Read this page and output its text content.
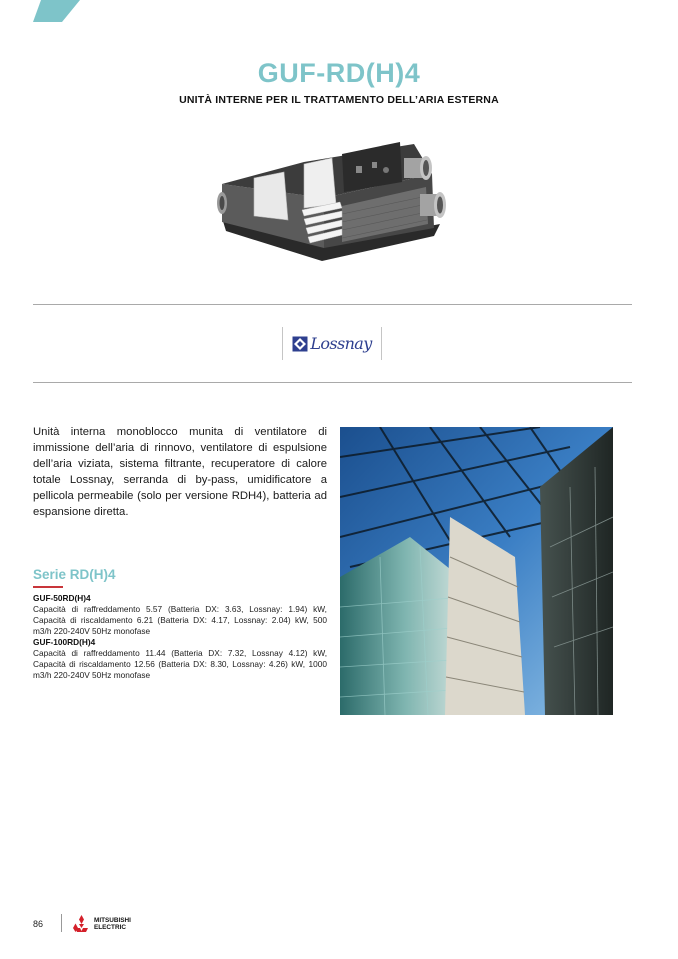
GUF-RD(H)4
UNITÀ INTERNE PER IL TRATTAMENTO DELL’ARIA ESTERNA
Lossnay
Unità interna monoblocco munita di ventilatore di immissione dell’aria di rinnovo, ventilatore di espulsione dell’aria viziata, sistema filtrante, recuperatore di calore totale Lossnay, serranda di by-pass, umidificatore a pellicola permeabile (solo per versione RDH4), batteria ad espansione diretta.
Serie RD(H)4
GUF-50RD(H)4
Capacità di raffreddamento 5.57 (Batteria DX: 3.63, Lossnay: 1.94) kW, Capacità di riscaldamento 6.21 (Batteria DX: 4.17, Lossnay: 2.04) kW, 500 m3/h 220-240V 50Hz monofase
GUF-100RD(H)4
Capacità di raffreddamento 11.44 (Batteria DX: 7.32, Lossnay 4.12) kW, Capacità di riscaldamento 12.56 (Batteria DX: 8.30, Lossnay: 4.26) kW, 1000 m3/h 220-240V 50Hz monofase
86	MITSUBISHI
ELECTRIC
